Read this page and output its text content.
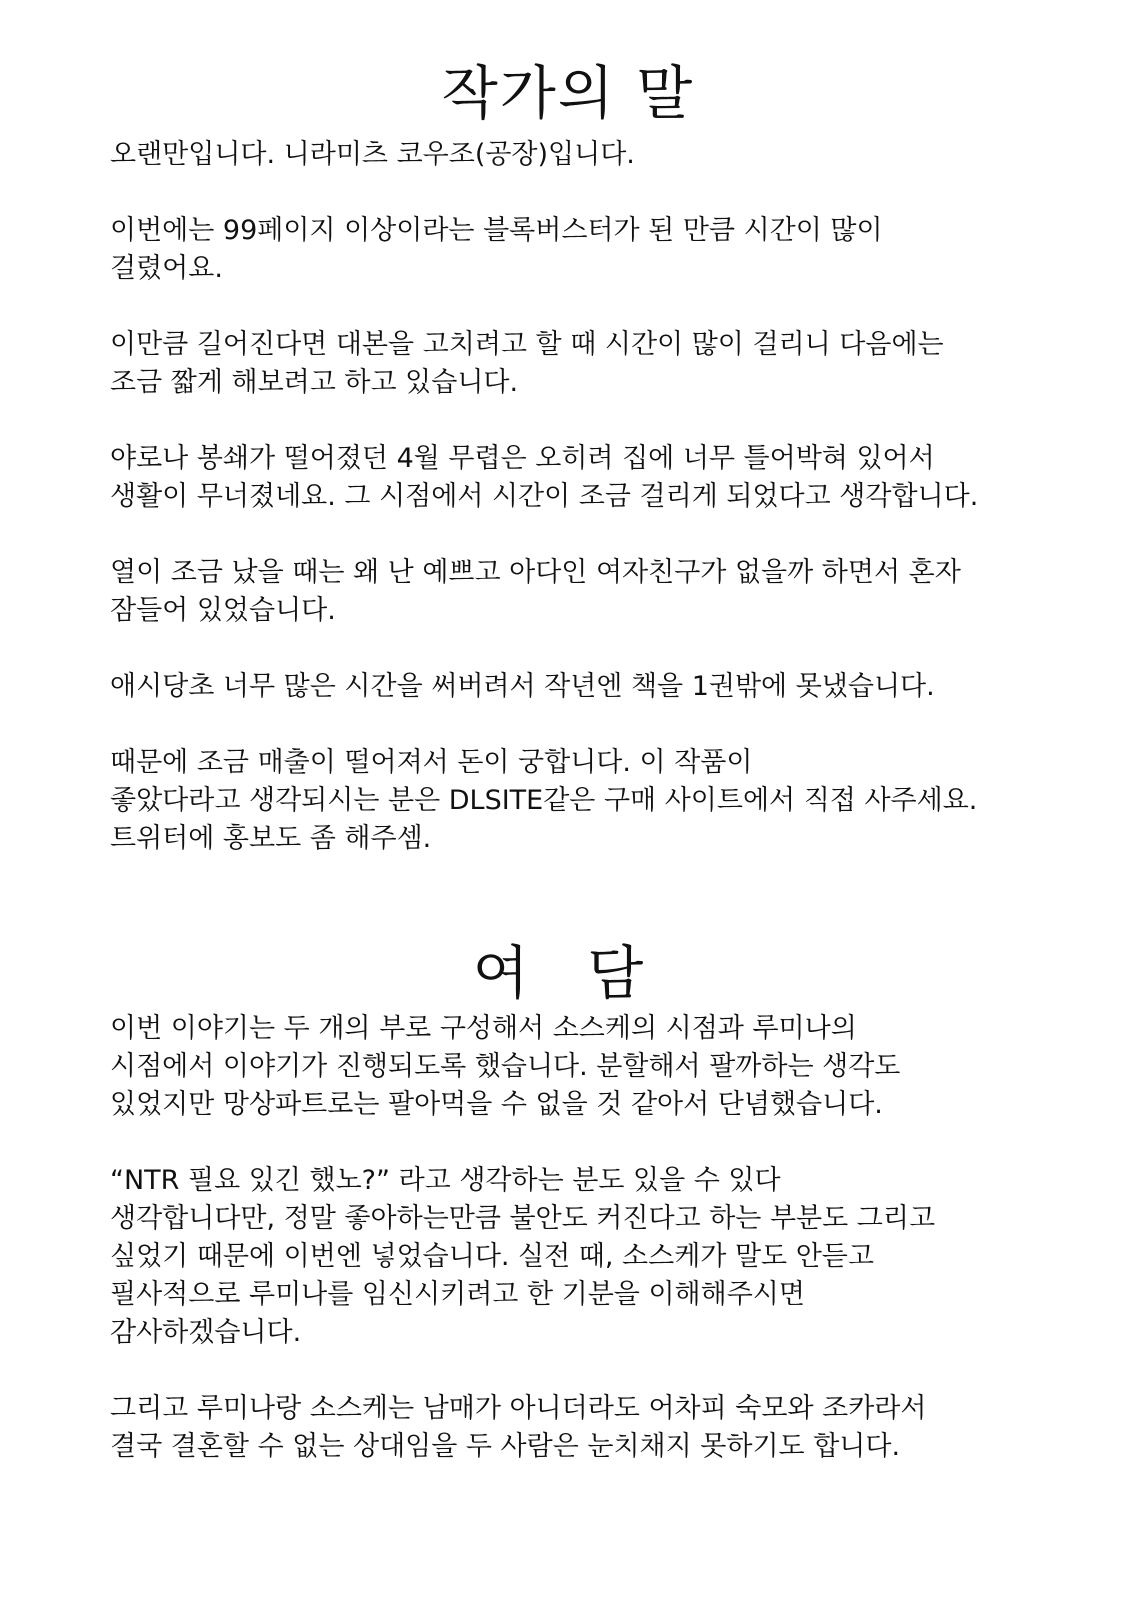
작가의 말

오랜만입니다. 니라미츠 코우조(공장)입니다.

이번에는 99페이지 이상이라는 블록버스터가 된 만큼 시간이 많이
걸렸어요.

이만큼 길어진다면 대본을 고치려고 할 때 시간이 많이 걸리니 다음에는
조금 짧게 해보려고 하고 있습니다.

야로나 봉쇄가 떨어졌던 4월 무렵은 오히려 집에 너무 틀어박혀 있어서
생활이 무너졌네요. 그 시점에서 시간이 조금 걸리게 되었다고 생각합니다.

열이 조금 났을 때는 왜 난 예쁘고 아다인 여자친구가 없을까 하면서 혼자
잠들어 있었습니다.

애시당초 너무 많은 시간을 써버려서 작년엔 책을 1권밖에 못냈습니다.

때문에 조금 매출이 떨어져서 돈이 궁합니다. 이 작품이
좋았다라고 생각되시는 분은 DLSITE같은 구매 사이트에서 직접 사주세요.
트위터에 홍보도 좀 해주셈.

여 담

이번 이야기는 두 개의 부로 구성해서 소스케의 시점과 루미나의
시점에서 이야기가 진행되도록 했습니다. 분할해서 팔까하는 생각도
있었지만 망상파트로는 팔아먹을 수 없을 것 같아서 단념했습니다.

“NTR 필요 있긴 했노?” 라고 생각하는 분도 있을 수 있다
생각합니다만, 정말 좋아하는만큼 불안도 커진다고 하는 부분도 그리고
싶었기 때문에 이번엔 넣었습니다. 실전 때, 소스케가 말도 안듣고
필사적으로 루미나를 임신시키려고 한 기분을 이해해주시면
감사하겠습니다.

그리고 루미나랑 소스케는 남매가 아니더라도 어차피 숙모와 조카라서
결국 결혼할 수 없는 상대임을 두 사람은 눈치채지 못하기도 합니다.
